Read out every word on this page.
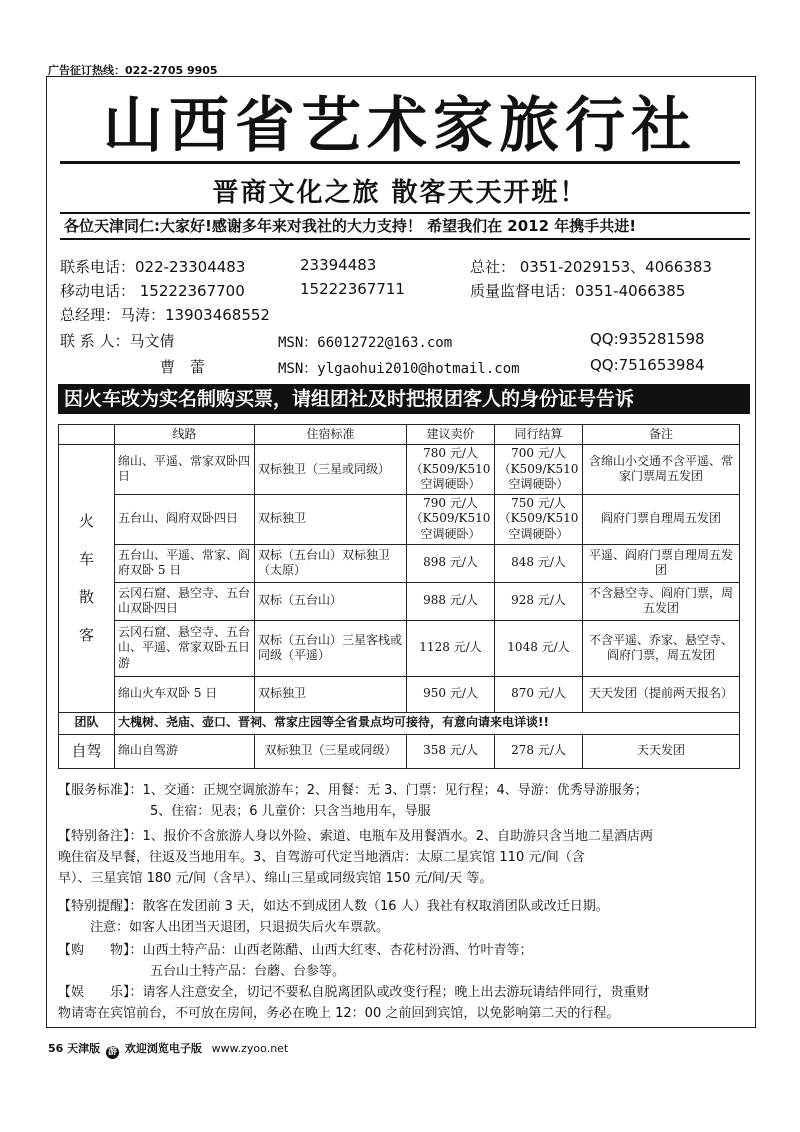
广告征订热线：022-2705 9905
山西省艺术家旅行社
晋商文化之旅 散客天天开班！
各位天津同仁:大家好!感谢多年来对我社的大力支持！ 希望我们在 2012 年携手共进!
联系电话：022-23304483	23394483	总社： 0351-2029153、4066383
移动电话： 15222367700	15222367711	质量监督电话：0351-4066385
总经理：马涛：13903468552
联 系 人：马文倩	MSN：66012722@163.com	QQ:935281598
曹　蕾	MSN：ylgaohui2010@hotmail.com	QQ:751653984
因火车改为实名制购买票，请组团社及时把报团客人的身份证号告诉
	线路	住宿标准	建议卖价	同行结算	备注

火
车
散
客	绵山、平遥、常家双卧四日	双标独卫（三星或同级）	780 元/人（K509/K510 空调硬卧）	700 元/人（K509/K510 空调硬卧）	含绵山小交通不含平遥、常家门票周五发团
	五台山、阎府双卧四日	双标独卫	790 元/人（K509/K510 空调硬卧）	750 元/人（K509/K510 空调硬卧）	阎府门票自理周五发团
	五台山、平遥、常家、阎府双卧 5 日	双标（五台山）双标独卫（太原）	898 元/人	848 元/人	平遥、阎府门票自理周五发团
	云冈石窟、悬空寺、五台山双卧四日	双标（五台山）	988 元/人	928 元/人	不含悬空寺、阎府门票，周五发团
	云冈石窟、悬空寺、五台山、平遥、常家双卧五日游	双标（五台山）三星客栈或同级（平遥）	1128 元/人	1048 元/人	不含平遥、乔家、悬空寺、阎府门票，周五发团
	绵山火车双卧 5 日	双标独卫	950 元/人	870 元/人	天天发团（提前两天报名）
团队	大槐树、尧庙、壶口、晋祠、常家庄园等全省景点均可接待，有意向请来电详谈!!				
自驾	绵山自驾游	双标独卫（三星或同级）	358 元/人	278 元/人	天天发团
【服务标准】：1、交通：正规空调旅游车；2、用餐：无 3、门票：见行程；4、导游：优秀导游服务；
5、住宿：见表；6 儿童价：只含当地用车，导服
【特别备注】：1、报价不含旅游人身以外险、索道、电瓶车及用餐酒水。2、自助游只含当地二星酒店两
晚住宿及早餐，往返及当地用车。3、自驾游可代定当地酒店：太原二星宾馆 110 元/间（含
早）、三星宾馆 180 元/间（含早）、绵山三星或同级宾馆 150 元/间/天 等。
【特别提醒】：散客在发团前 3 天，如达不到成团人数（16 人）我社有权取消团队或改迁日期。
注意：如客人出团当天退团，只退损失后火车票款。
【购　　物】：山西土特产品：山西老陈醋、山西大红枣、杏花村汾酒、竹叶青等；
五台山土特产品：台蘑、台参等。
【娱　　乐】：请客人注意安全，切记不要私自脱离团队或改变行程；晚上出去游玩请结伴同行，贵重财
物请寄在宾馆前台，不可放在房间，务必在晚上 12：00 之前回到宾馆，以免影响第二天的行程。
56 天津版 游 欢迎浏览电子版 www.zyoo.net
